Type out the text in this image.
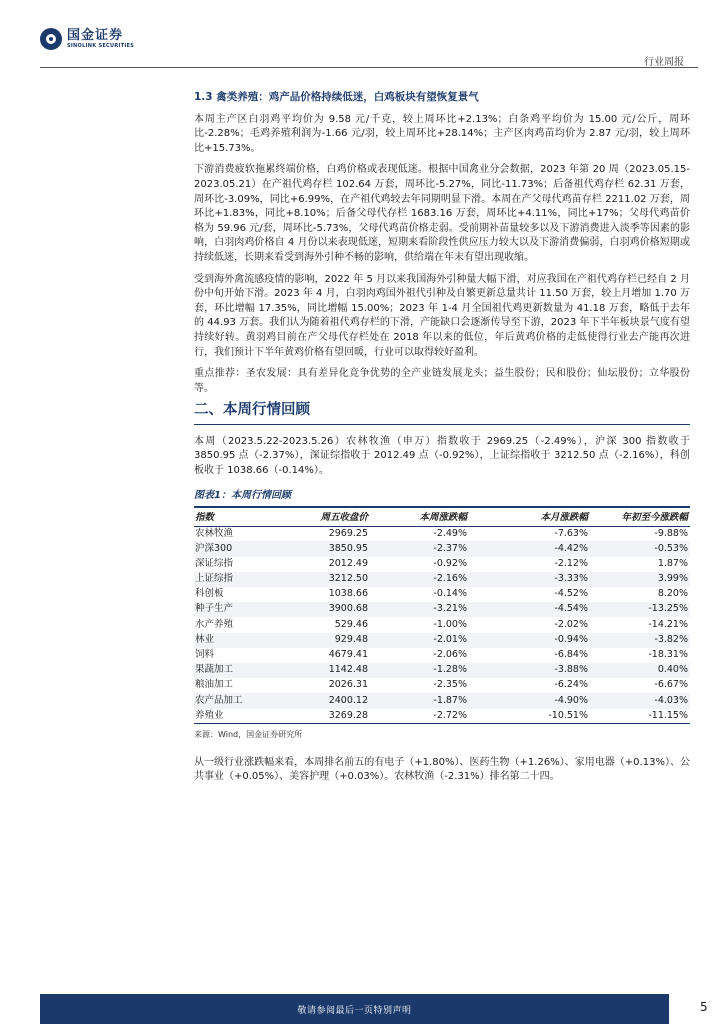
国金证券
SINOLINK SECURITIES
行业周报
1.3 禽类养殖：鸡产品价格持续低迷，白鸡板块有望恢复景气

本周主产区白羽鸡平均价为 9.58 元/千克，较上周环比+2.13%；白条鸡平均价为 15.00 元/公斤，周环比-2.28%；毛鸡养殖利润为-1.66 元/羽，较上周环比+28.14%；主产区肉鸡苗均价为 2.87 元/羽，较上周环比+15.73%。

下游消费疲软拖累终端价格，白鸡价格或表现低迷。根据中国禽业分会数据，2023 年第 20 周（2023.05.15-2023.05.21）在产祖代鸡存栏 102.64 万套，周环比-5.27%，同比-11.73%；后备祖代鸡存栏 62.31 万套，周环比-3.09%，同比+6.99%，在产祖代鸡较去年同期明显下滑。本周在产父母代鸡苗存栏 2211.02 万套，周环比+1.83%，同比+8.10%；后备父母代存栏 1683.16 万套，周环比+4.11%，同比+17%；父母代鸡苗价格为 59.96 元/套，周环比-5.73%，父母代鸡苗价格走弱。受前期补苗量较多以及下游消费进入淡季等因素的影响，白羽肉鸡价格自 4 月份以来表现低迷，短期来看阶段性供应压力较大以及下游消费偏弱，白羽鸡价格短期或持续低迷，长期来看受到海外引种不畅的影响，供给端在年末有望出现收缩。

受到海外禽流感疫情的影响，2022 年 5 月以来我国海外引种量大幅下滑，对应我国在产祖代鸡存栏已经自 2 月份中旬开始下滑。2023 年 4 月，白羽肉鸡国外祖代引种及自繁更新总量共计 11.50 万套，较上月增加 1.70 万套，环比增幅 17.35%，同比增幅 15.00%；2023 年 1-4 月全国祖代鸡更新数量为 41.18 万套，略低于去年的 44.93 万套。我们认为随着祖代鸡存栏的下滑，产能缺口会逐渐传导至下游，2023 年下半年板块景气度有望持续好转。黄羽鸡目前在产父母代存栏处在 2018 年以来的低位，年后黄鸡价格的走低使得行业去产能再次进行，我们预计下半年黄鸡价格有望回暖，行业可以取得较好盈利。

重点推荐：圣农发展：具有差异化竞争优势的全产业链发展龙头；益生股份；民和股份；仙坛股份；立华股份等。

二、本周行情回顾

本周（2023.5.22-2023.5.26）农林牧渔（申万）指数收于 2969.25（-2.49%），沪深 300 指数收于 3850.95 点（-2.37%），深证综指收于 2012.49 点（-0.92%），上证综指收于 3212.50 点（-2.16%），科创板收于 1038.66（-0.14%）。

图表1：本周行情回顾
指数	周五收盘价	本周涨跌幅	本月涨跌幅	年初至今涨跌幅
农林牧渔	2969.25	-2.49%	-7.63%	-9.88%
沪深300	3850.95	-2.37%	-4.42%	-0.53%
深证综指	2012.49	-0.92%	-2.12%	1.87%
上证综指	3212.50	-2.16%	-3.33%	3.99%
科创板	1038.66	-0.14%	-4.52%	8.20%
种子生产	3900.68	-3.21%	-4.54%	-13.25%
水产养殖	529.46	-1.00%	-2.02%	-14.21%
林业	929.48	-2.01%	-0.94%	-3.82%
饲料	4679.41	-2.06%	-6.84%	-18.31%
果蔬加工	1142.48	-1.28%	-3.88%	0.40%
粮油加工	2026.31	-2.35%	-6.24%	-6.67%
农产品加工	2400.12	-1.87%	-4.90%	-4.03%
养殖业	3269.28	-2.72%	-10.51%	-11.15%
来源：Wind，国金证券研究所

从一级行业涨跌幅来看，本周排名前五的有电子（+1.80%）、医药生物（+1.26%）、家用电器（+0.13%）、公共事业（+0.05%）、美容护理（+0.03%）。农林牧渔（-2.31%）排名第二十四。

敬请参阅最后一页特别声明	5
